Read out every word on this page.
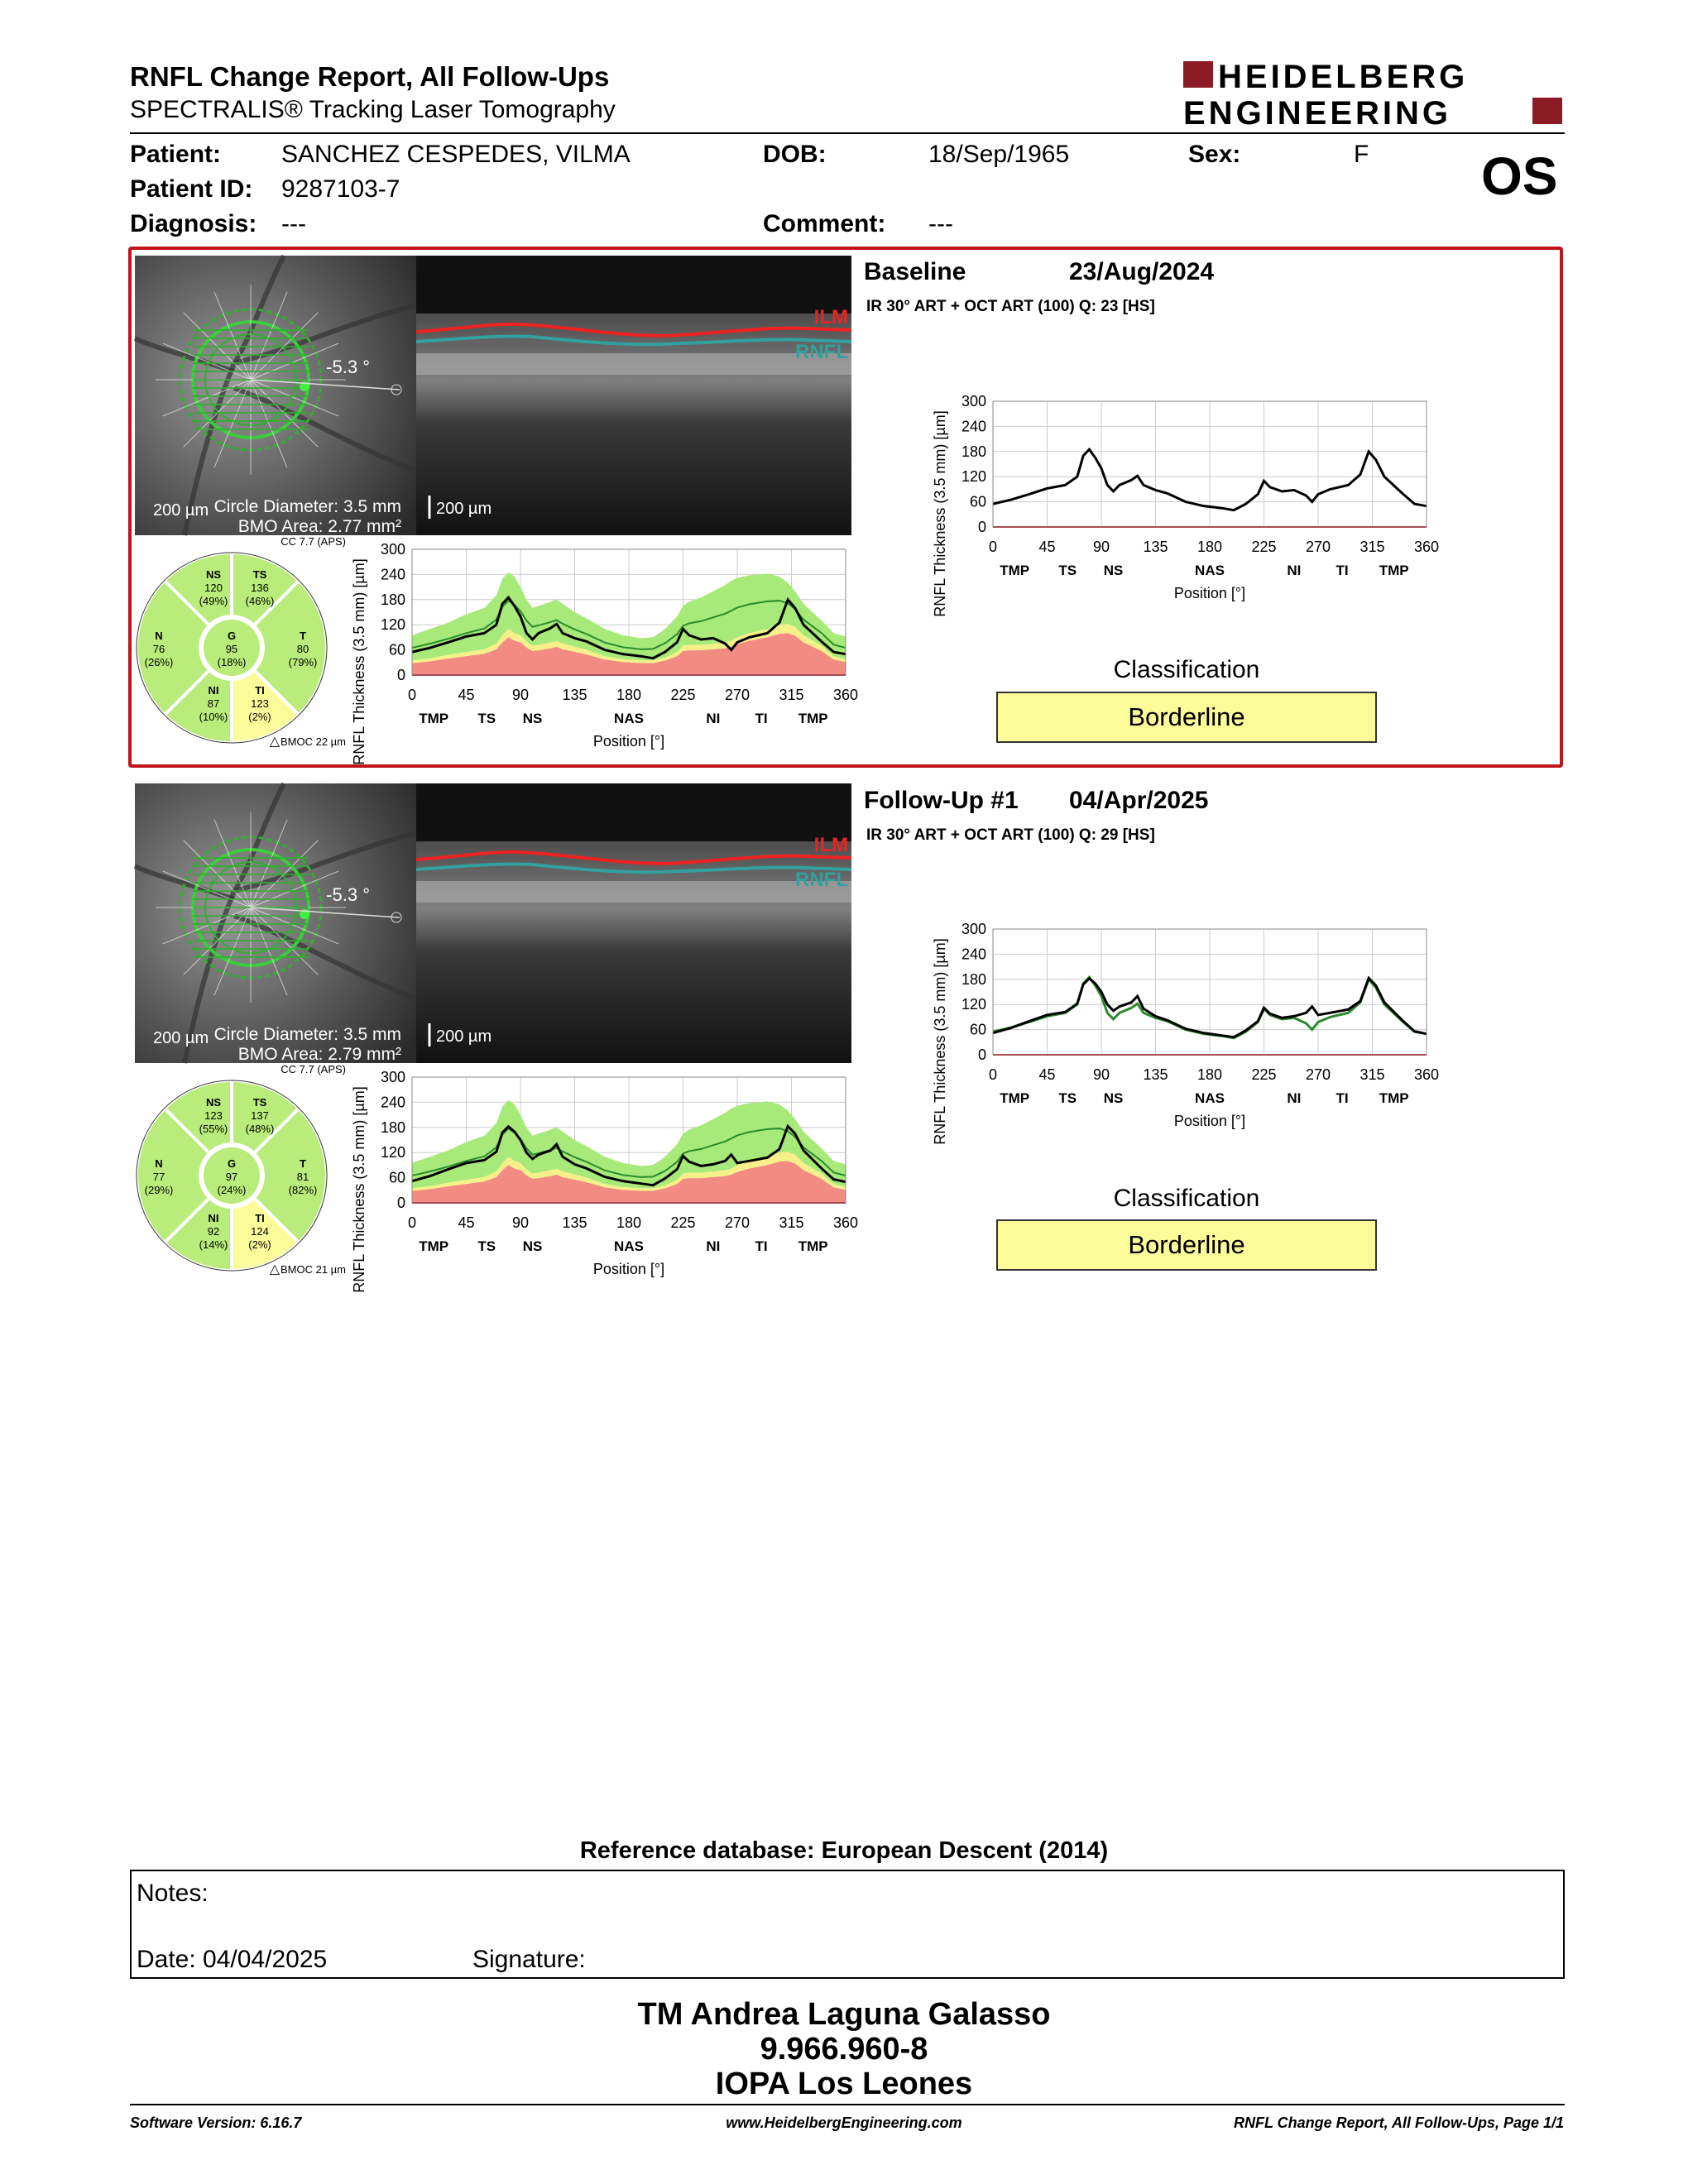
RNFL Change Report, All Follow-Ups
SPECTRALIS® Tracking Laser Tomography
HEIDELBERG
ENGINEERING
Patient: SANCHEZ CESPEDES, VILMA
Patient ID: 9287103-7
Diagnosis: ---
DOB:	18/Sep/1965
Comment: ---
Sex:	F OS
-5.3 °
200 µm Circle Diameter: 3.5 mm
BMO Area: 2.77 mm²
ILM
RNFL
200 µm
CC 7.7 (APS)
NS
120
(49%)
TS
136
(46%)
N
76
(26%)
G
95
(18%)
T
80
(79%)
NI
87
(10%)
TI
123
(2%)
△ BMOC 22 µm
0
60
120
180
240
300
0	45	90 135 180 225 270 315 360
TMP TS NS	NAS	NI TI TMP
Position [°]
RNFL Thickness (3.5 mm) [µm]
0
60
120
180
240
300
0	45	90 135 180 225 270 315 360
TMP TS NS	NAS	NI TI TMP
Position [°]
RNFL Thickness (3.5 mm) [µm]
-5.3 °
200 µm Circle Diameter: 3.5 mm
BMO Area: 2.79 mm²
ILM
RNFL
200 µm
CC 7.7 (APS)
NS
123
(55%)
TS
137
(48%)
N
77
(29%)
G
97
(24%)
T
81
(82%)
NI
92
(14%)
TI
124
(2%)
△ BMOC 21 µm
0
60
120
180
240
300
0	45	90 135 180 225 270 315 360
TMP TS NS	NAS	NI TI TMP
Position [°]
RNFL Thickness (3.5 mm) [µm]
0
60
120
180
240
300
0	45	90 135 180 225 270 315 360
TMP TS NS	NAS	NI TI TMP
Position [°]
RNFL Thickness (3.5 mm) [µm]
Baseline	23/Aug/2024
IR 30° ART + OCT ART (100) Q: 23 [HS]
Classification
Borderline
Follow-Up #1 04/Apr/2025
IR 30° ART + OCT ART (100) Q: 29 [HS]
Classification
Borderline
Reference database: European Descent (2014)
Notes:
Date: 04/04/2025	Signature:
TM Andrea Laguna Galasso
9.966.960-8
IOPA Los Leones
Software Version: 6.16.7	www.HeidelbergEngineering.com	RNFL Change Report, All Follow-Ups, Page 1/1
